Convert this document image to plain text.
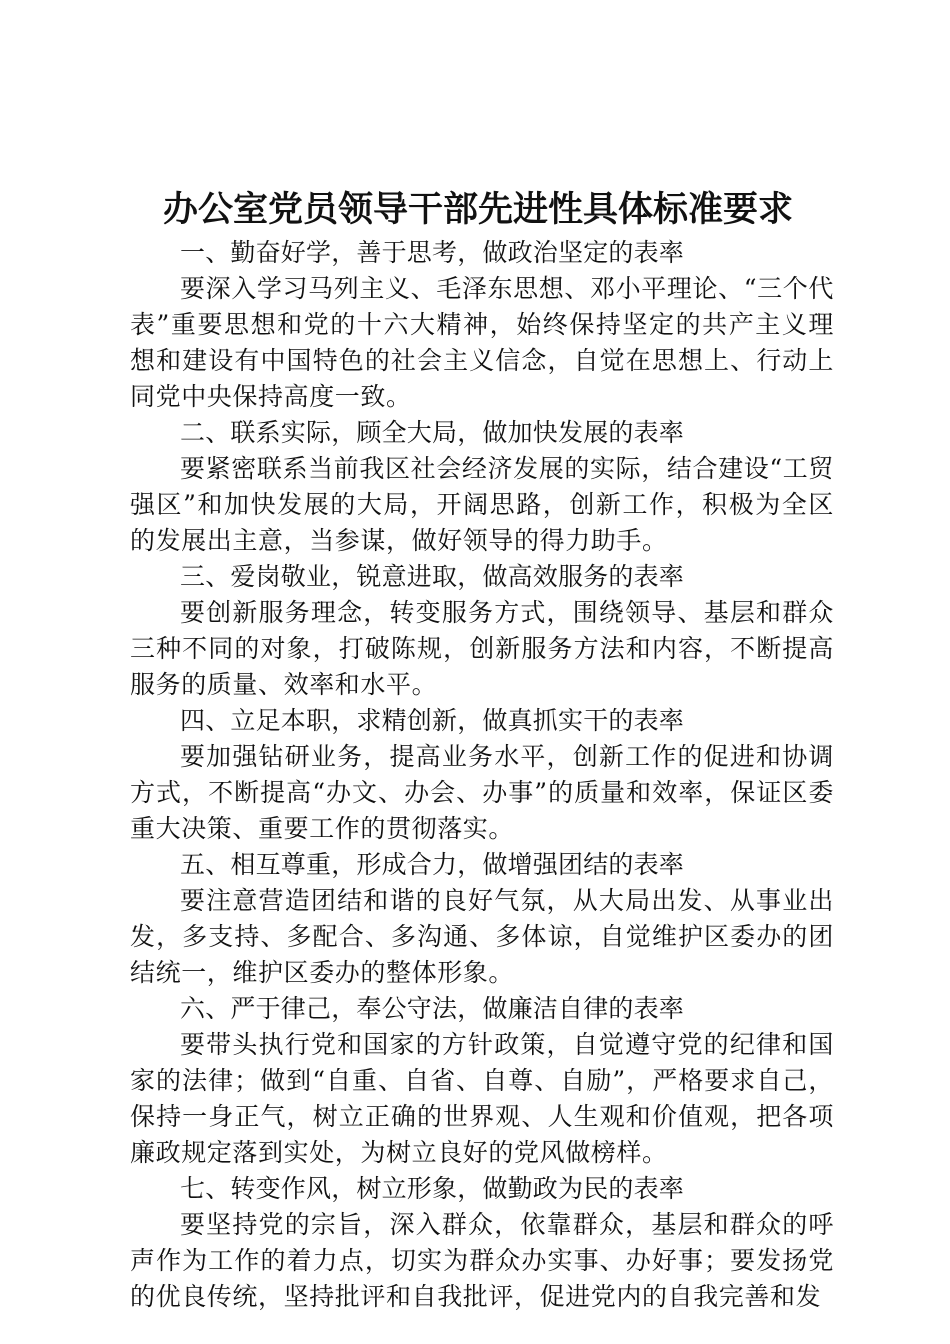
办公室党员领导干部先进性具体标准要求

一、勤奋好学，善于思考，做政治坚定的表率

要深入学习马列主义、毛泽东思想、邓小平理论、“三个代表”重要思想和党的十六大精神，始终保持坚定的共产主义理想和建设有中国特色的社会主义信念，自觉在思想上、行动上同党中央保持高度一致。

二、联系实际，顾全大局，做加快发展的表率

要紧密联系当前我区社会经济发展的实际，结合建设“工贸强区”和加快发展的大局，开阔思路，创新工作，积极为全区的发展出主意，当参谋，做好领导的得力助手。

三、爱岗敬业，锐意进取，做高效服务的表率

要创新服务理念，转变服务方式，围绕领导、基层和群众三种不同的对象，打破陈规，创新服务方法和内容，不断提高服务的质量、效率和水平。

四、立足本职，求精创新，做真抓实干的表率

要加强钻研业务，提高业务水平，创新工作的促进和协调方式，不断提高“办文、办会、办事”的质量和效率，保证区委重大决策、重要工作的贯彻落实。

五、相互尊重，形成合力，做增强团结的表率

要注意营造团结和谐的良好气氛，从大局出发、从事业出发，多支持、多配合、多沟通、多体谅，自觉维护区委办的团结统一，维护区委办的整体形象。

六、严于律己，奉公守法，做廉洁自律的表率

要带头执行党和国家的方针政策，自觉遵守党的纪律和国家的法律；做到“自重、自省、自尊、自励”，严格要求自己，保持一身正气，树立正确的世界观、人生观和价值观，把各项廉政规定落到实处，为树立良好的党风做榜样。

七、转变作风，树立形象，做勤政为民的表率

要坚持党的宗旨，深入群众，依靠群众，基层和群众的呼声作为工作的着力点，切实为群众办实事、办好事；要发扬党的优良传统，坚持批评和自我批评，促进党内的自我完善和发
